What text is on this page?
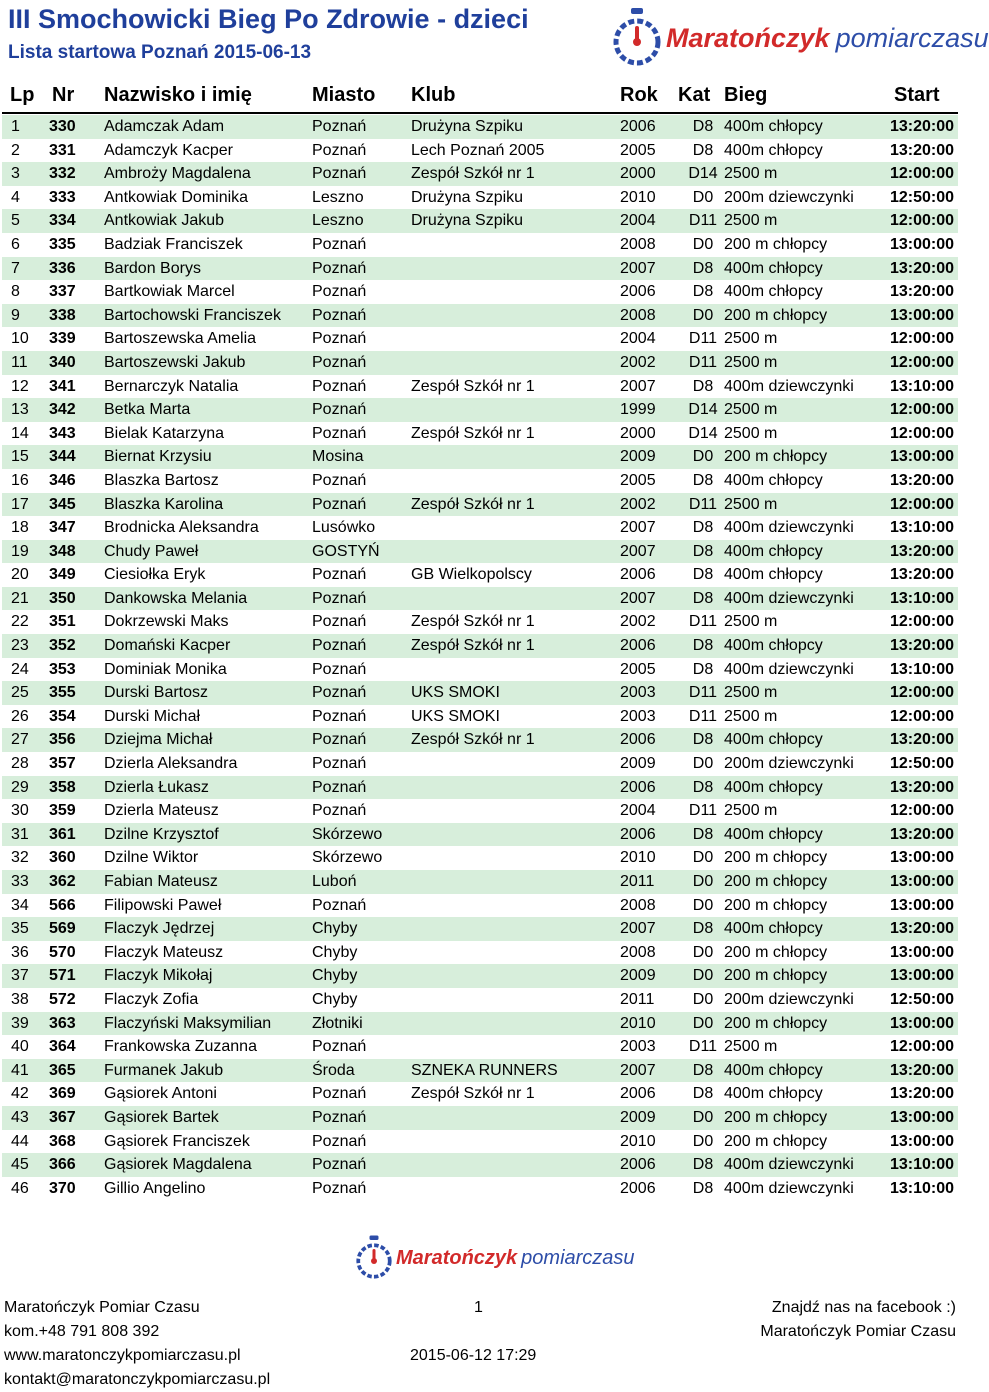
III Smochowicki Bieg Po Zdrowie - dzieci
Lista startowa Poznań 2015-06-13	Maratończyk pomiarczasu
Lp Nr Nazwisko i imię	Miasto Klub	Rok Kat Bieg	Start
1 330 Adamczak Adam	Poznań	Drużyna Szpiku	2006	D8 400m chłopcy	13:20:00
2 331 Adamczyk Kacper	Poznań	Lech Poznań 2005	2005	D8 400m chłopcy	13:20:00
3 332 Ambroży Magdalena	Poznań	Zespół Szkół nr 1	2000	D14 2500 m	12:00:00
4 333 Antkowiak Dominika	Leszno	Drużyna Szpiku	2010	D0 200m dziewczynki 12:50:00
5 334 Antkowiak Jakub	Leszno	Drużyna Szpiku	2004	D11 2500 m	12:00:00
6 335 Badziak Franciszek	Poznań	2008	D0 200 m chłopcy	13:00:00
7 336 Bardon Borys	Poznań	2007	D8 400m chłopcy	13:20:00
8 337 Bartkowiak Marcel	Poznań	2006	D8 400m chłopcy	13:20:00
9 338 Bartochowski Franciszek Poznań	2008	D0 200 m chłopcy	13:00:00
10 339 Bartoszewska Amelia	Poznań	2004	D11 2500 m	12:00:00
11 340 Bartoszewski Jakub	Poznań	2002	D11 2500 m	12:00:00
12 341 Bernarczyk Natalia	Poznań	Zespół Szkół nr 1	2007	D8 400m dziewczynki 13:10:00
13 342 Betka Marta	Poznań	1999	D14 2500 m	12:00:00
14 343 Bielak Katarzyna	Poznań	Zespół Szkół nr 1	2000	D14 2500 m	12:00:00
15 344 Biernat Krzysiu	Mosina	2009	D0 200 m chłopcy	13:00:00
16 346 Blaszka Bartosz	Poznań	2005	D8 400m chłopcy	13:20:00
17 345 Blaszka Karolina	Poznań	Zespół Szkół nr 1	2002	D11 2500 m	12:00:00
18 347 Brodnicka Aleksandra	Lusówko	2007	D8 400m dziewczynki 13:10:00
19 348 Chudy Paweł	GOSTYŃ	2007	D8 400m chłopcy	13:20:00
20 349 Ciesiołka Eryk	Poznań	GB Wielkopolscy	2006	D8 400m chłopcy	13:20:00
21 350 Dankowska Melania	Poznań	2007	D8 400m dziewczynki 13:10:00
22 351 Dokrzewski Maks	Poznań	Zespół Szkół nr 1	2002	D11 2500 m	12:00:00
23 352 Domański Kacper	Poznań	Zespół Szkół nr 1	2006	D8 400m chłopcy	13:20:00
24 353 Dominiak Monika	Poznań	2005	D8 400m dziewczynki 13:10:00
25 355 Durski Bartosz	Poznań	UKS SMOKI	2003	D11 2500 m	12:00:00
26 354 Durski Michał	Poznań	UKS SMOKI	2003	D11 2500 m	12:00:00
27 356 Dziejma Michał	Poznań	Zespół Szkół nr 1	2006	D8 400m chłopcy	13:20:00
28 357 Dzierla Aleksandra	Poznań	2009	D0 200m dziewczynki 12:50:00
29 358 Dzierla Łukasz	Poznań	2006	D8 400m chłopcy	13:20:00
30 359 Dzierla Mateusz	Poznań	2004	D11 2500 m	12:00:00
31 361 Dzilne Krzysztof	Skórzewo	2006	D8 400m chłopcy	13:20:00
32 360 Dzilne Wiktor	Skórzewo	2010	D0 200 m chłopcy	13:00:00
33 362 Fabian Mateusz	Luboń	2011	D0 200 m chłopcy	13:00:00
34 566 Filipowski Paweł	Poznań	2008	D0 200 m chłopcy	13:00:00
35 569 Flaczyk Jędrzej	Chyby	2007	D8 400m chłopcy	13:20:00
36 570 Flaczyk Mateusz	Chyby	2008	D0 200 m chłopcy	13:00:00
37 571 Flaczyk Mikołaj	Chyby	2009	D0 200 m chłopcy	13:00:00
38 572 Flaczyk Zofia	Chyby	2011	D0 200m dziewczynki 12:50:00
39 363 Flaczyński Maksymilian	Złotniki	2010	D0 200 m chłopcy	13:00:00
40 364 Frankowska Zuzanna	Poznań	2003	D11 2500 m	12:00:00
41 365 Furmanek Jakub	Środa	SZNEKA RUNNERS	2007	D8 400m chłopcy	13:20:00
42 369 Gąsiorek Antoni	Poznań	Zespół Szkół nr 1	2006	D8 400m chłopcy	13:20:00
43 367 Gąsiorek Bartek	Poznań	2009	D0 200 m chłopcy	13:00:00
44 368 Gąsiorek Franciszek	Poznań	2010	D0 200 m chłopcy	13:00:00
45 366 Gąsiorek Magdalena	Poznań	2006	D8 400m dziewczynki 13:10:00
46 370 Gillio Angelino	Poznań	2006	D8 400m dziewczynki 13:10:00
Maratończyk pomiarczasu
Maratończyk Pomiar Czasu
kom.+48 791 808 392
www.maratonczykpomiarczasu.pl
kontakt@maratonczykpomiarczasu.pl
1
2015-06-12 17:29
Znajdź nas na facebook :)
Maratończyk Pomiar Czasu
